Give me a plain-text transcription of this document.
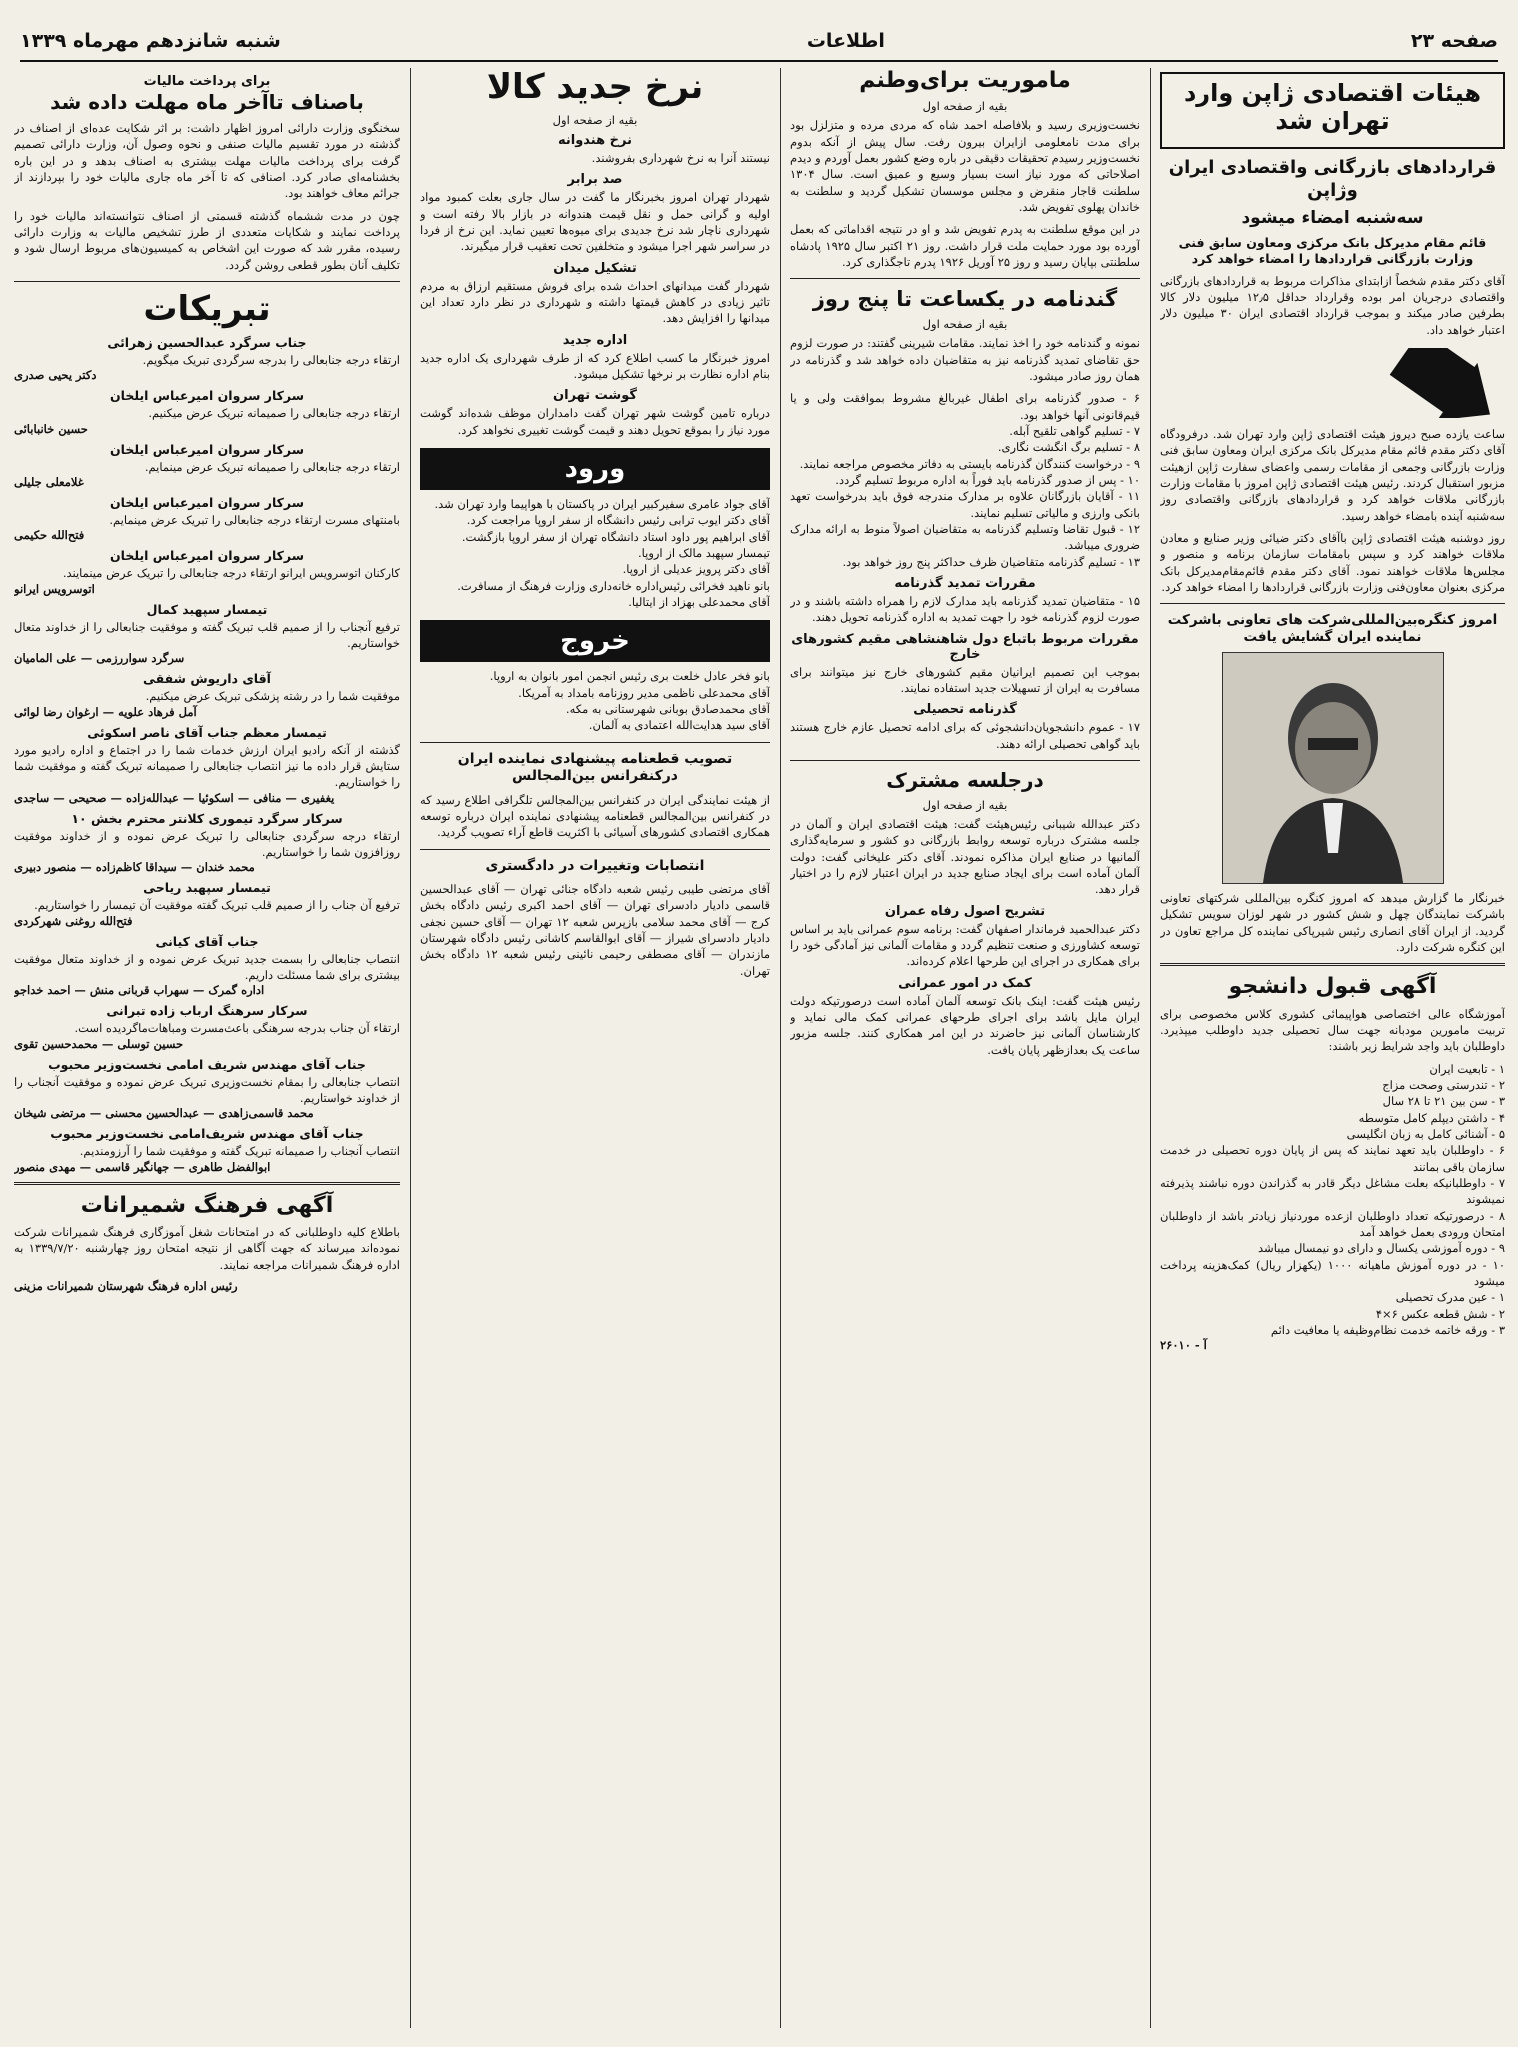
صفحه ۲۳
اطلاعات
شنبه شانزدهم مهرماه ۱۳۳۹
هیئات اقتصادی ژاپن وارد تهران شد
قراردادهای بازرگانی واقتصادی ایران وژاپن
سه‌شنبه امضاء میشود
قائم مقام مدیرکل بانک مرکزی ومعاون سابق فنی وزارت بازرگانی قراردادها را امضاء خواهد کرد

آقای دکتر مقدم شخصاً ازابتدای مذاکرات مربوط به قراردادهای بازرگانی واقتصادی درجریان امر بوده وقرارداد حداقل ۱۲٫۵ میلیون دلار کالا بطرفین صادر میکند و بموجب قرارداد اقتصادی ایران ۳۰ میلیون دلار اعتبار خواهد داد.

ساعت یازده صبح دیروز هیئت اقتصادی ژاپن وارد تهران شد. درفرودگاه آقای دکتر مقدم قائم مقام مدیرکل بانک مرکزی ایران ومعاون سابق فنی وزارت بازرگانی وجمعی از مقامات رسمی واعضای سفارت ژاپن ازهیئت مزبور استقبال کردند. رئیس هیئت اقتصادی ژاپن امروز با مقامات وزارت بازرگانی ملاقات خواهد کرد و قراردادهای بازرگانی واقتصادی روز سه‌شنبه آینده بامضاء خواهد رسید.

روز دوشنبه هیئت اقتصادی ژاپن باآقای دکتر ضیائی وزیر صنایع و معادن ملاقات خواهند کرد و سپس بامقامات سازمان برنامه و منصور و مجلس‌ها ملاقات خواهند نمود. آقای دکتر مقدم قائم‌مقام‌مدیرکل بانک مرکزی بعنوان معاون‌فنی وزارت بازرگانی قراردادها را امضاء خواهد کرد.

امروز کنگره‌بین‌المللی‌شرکت های تعاونی باشرکت نماینده ایران گشایش یافت

خبرنگار ما گزارش میدهد که امروز کنگره بین‌المللی شرکتهای تعاونی باشرکت نمایندگان چهل و شش کشور در شهر لوزان سویس تشکیل گردید. از ایران آقای انصاری رئیس شیرپاکی نماینده کل مراجع تعاون در این کنگره شرکت دارد.

آگهی قبول دانشجو

آموزشگاه عالی اختصاصی هواپیمائی کشوری کلاس مخصوصی برای تربیت مامورین مودبانه جهت سال تحصیلی جدید داوطلب میپذیرد. داوطلبان باید واجد شرایط زیر باشند:

۱ - تابعیت ایران

۲ - تندرستی وصحت مزاج

۳ - سن بین ۲۱ تا ۲۸ سال

۴ - داشتن دیپلم کامل متوسطه

۵ - آشنائی کامل به زبان انگلیسی

۶ - داوطلبان باید تعهد نمایند که پس از پایان دوره تحصیلی در خدمت سازمان باقی بمانند

۷ - داوطلبانیکه بعلت مشاغل دیگر قادر به گذراندن دوره نباشند پذیرفته نمیشوند

۸ - درصورتیکه تعداد داوطلبان ازعده موردنیاز زیادتر باشد از داوطلبان امتحان ورودی بعمل خواهد آمد

۹ - دوره آموزشی یکسال و دارای دو نیمسال میباشد

۱۰ - در دوره آموزش ماهیانه ۱۰۰۰ (یکهزار ریال) کمک‌هزینه پرداخت میشود

۱ - عین مدرک تحصیلی

۲ - شش قطعه عکس ۶×۴

۳ - ورقه خاتمه خدمت نظام‌وظیفه یا معافیت دائم

آ - ۲۶۰۱۰
ماموریت برای‌وطنم
بقیه از صفحه اول

نخست‌وزیری رسید و بلافاصله احمد شاه که مردی مرده و متزلزل بود برای مدت نامعلومی ازایران بیرون رفت. سال پیش از آنکه بدوم نخست‌وزیر رسیدم تحقیقات دقیقی در باره وضع کشور بعمل آوردم و دیدم اصلاحاتی که مورد نیاز است بسیار وسیع و عمیق است. سال ۱۳۰۴ سلطنت قاجار منقرض و مجلس موسسان تشکیل گردید و سلطنت به خاندان پهلوی تفویض شد.

در این موقع سلطنت به پدرم تفویض شد و او در نتیجه اقداماتی که بعمل آورده بود مورد حمایت ملت قرار داشت. روز ۲۱ اکتبر سال ۱۹۲۵ پادشاه سلطنتی بپایان رسید و روز ۲۵ آوریل ۱۹۲۶ پدرم تاجگذاری کرد.

گندنامه در یکساعت تا پنج روز
بقیه از صفحه اول

نمونه و گندنامه خود را اخذ نمایند. مقامات شیرینی گفتند: در صورت لزوم حق تقاضای تمدید گذرنامه نیز به متقاضیان داده خواهد شد و گذرنامه در همان روز صادر میشود.

۶ - صدور گذرنامه برای اطفال غیربالغ مشروط بموافقت ولی و یا قیم‌قانونی آنها خواهد بود.

۷ - تسلیم گواهی تلقیح آبله.

۸ - تسلیم برگ انگشت نگاری.

۹ - درخواست کنندگان گذرنامه بایستی به دفاتر مخصوص مراجعه نمایند.

۱۰ - پس از صدور گذرنامه باید فوراً به اداره مربوط تسلیم گردد.

۱۱ - آقایان بازرگانان علاوه بر مدارک مندرجه فوق باید بدرخواست تعهد بانکی وارزی و مالیاتی تسلیم نمایند.

۱۲ - قبول تقاضا وتسلیم گذرنامه به متقاضیان اصولاً منوط به ارائه مدارک ضروری میباشد.

۱۳ - تسلیم گذرنامه متقاضیان ظرف حداکثر پنج روز خواهد بود.

مقررات تمدید گذرنامه

۱۵ - متقاضیان تمدید گذرنامه باید مدارک لازم را همراه داشته باشند و در صورت لزوم گذرنامه خود را جهت تمدید به اداره گذرنامه تحویل دهند.

مقررات مربوط باتباع دول شاهنشاهی مقیم کشورهای خارج

بموجب این تصمیم ایرانیان مقیم کشورهای خارج نیز میتوانند برای مسافرت به ایران از تسهیلات جدید استفاده نمایند.

گذرنامه تحصیلی

۱۷ - عموم دانشجویان‌دانشجوئی که برای ادامه تحصیل عازم خارج هستند باید گواهی تحصیلی ارائه دهند.

درجلسه مشترک
بقیه از صفحه اول

دکتر عبدالله شیبانی رئیس‌هیئت گفت: هیئت اقتصادی ایران و آلمان در جلسه مشترک درباره توسعه روابط بازرگانی دو کشور و سرمایه‌گذاری آلمانیها در صنایع ایران مذاکره نمودند. آقای دکتر علیخانی گفت: دولت آلمان آماده است برای ایجاد صنایع جدید در ایران اعتبار لازم را در اختیار قرار دهد.

تشریح اصول رفاه عمران

دکتر عبدالحمید فرماندار اصفهان گفت: برنامه سوم عمرانی باید بر اساس توسعه کشاورزی و صنعت تنظیم گردد و مقامات آلمانی نیز آمادگی خود را برای همکاری در اجرای این طرحها اعلام کرده‌اند.

کمک در امور عمرانی

رئیس هیئت گفت: اینک بانک توسعه آلمان آماده است درصورتیکه دولت ایران مایل باشد برای اجرای طرحهای عمرانی کمک مالی نماید و کارشناسان آلمانی نیز حاضرند در این امر همکاری کنند. جلسه مزبور ساعت یک بعدازظهر پایان یافت.

نرخ جدید کالا
بقیه از صفحه اول
نرخ هندوانه

نیستند آنرا به نرخ شهرداری بفروشند.

صد برابر

شهردار تهران امروز بخبرنگار ما گفت در سال جاری بعلت کمبود مواد اولیه و گرانی حمل و نقل قیمت هندوانه در بازار بالا رفته است و شهرداری ناچار شد نرخ جدیدی برای میوه‌ها تعیین نماید. این نرخ از فردا در سراسر شهر اجرا میشود و متخلفین تحت تعقیب قرار میگیرند.

تشکیل میدان

شهردار گفت میدانهای احداث شده برای فروش مستقیم ارزاق به مردم تاثیر زیادی در کاهش قیمتها داشته و شهرداری در نظر دارد تعداد این میدانها را افزایش دهد.

اداره جدید

امروز خبرنگار ما کسب اطلاع کرد که از طرف شهرداری یک اداره جدید بنام اداره نظارت بر نرخها تشکیل میشود.

گوشت تهران

درباره تامین گوشت شهر تهران گفت دامداران موظف شده‌اند گوشت مورد نیاز را بموقع تحویل دهند و قیمت گوشت تغییری نخواهد کرد.

ورود

آقای جواد عامری سفیرکبیر ایران در پاکستان با هواپیما وارد تهران شد.

آقای دکتر ایوب ترابی رئیس دانشگاه از سفر اروپا مراجعت کرد.

آقای ابراهیم پور داود استاد دانشگاه تهران از سفر اروپا بازگشت.

تیمسار سپهبد مالک از اروپا.

آقای دکتر پرویز عدیلی از اروپا.

بانو ناهید فخرائی رئیس‌اداره خانه‌داری وزارت فرهنگ از مسافرت.

آقای محمدعلی بهزاد از ایتالیا.

خروج

بانو فخر عادل خلعت بری رئیس انجمن امور بانوان به اروپا.

آقای محمدعلی ناظمی مدیر روزنامه بامداد به آمریکا.

آقای محمدصادق بوبانی شهرستانی به مکه.

آقای سید هدایت‌الله اعتمادی به آلمان.

تصویب قطعنامه پیشنهادی نماینده ایران درکنفرانس بین‌المجالس

از هیئت نمایندگی ایران در کنفرانس بین‌المجالس تلگرافی اطلاع رسید که در کنفرانس بین‌المجالس قطعنامه پیشنهادی نماینده ایران درباره توسعه همکاری اقتصادی کشورهای آسیائی با اکثریت قاطع آراء تصویب گردید.

انتصابات وتغییرات در دادگستری

آقای مرتضی طیبی رئیس شعبه دادگاه جنائی تهران — آقای عبدالحسین قاسمی دادیار دادسرای تهران — آقای احمد اکبری رئیس دادگاه بخش کرج — آقای محمد سلامی بازپرس شعبه ۱۲ تهران — آقای حسین نجفی دادیار دادسرای شیراز — آقای ابوالقاسم کاشانی رئیس دادگاه شهرستان مازندران — آقای مصطفی رحیمی نائینی رئیس شعبه ۱۲ دادگاه بخش تهران.

برای پرداخت مالیات
باصناف تاآخر ماه مهلت داده شد

سخنگوی وزارت دارائی امروز اظهار داشت: بر اثر شکایت عده‌ای از اصناف در گذشته در مورد تقسیم مالیات صنفی و نحوه وصول آن، وزارت دارائی تصمیم گرفت برای پرداخت مالیات مهلت بیشتری به اصناف بدهد و در این باره بخشنامه‌ای صادر کرد. اصنافی که تا آخر ماه جاری مالیات خود را بپردازند از جرائم معاف خواهند بود.

چون در مدت ششماه گذشته قسمتی از اصناف نتوانسته‌اند مالیات خود را پرداخت نمایند و شکایات متعددی از طرز تشخیص مالیات به وزارت دارائی رسیده، مقرر شد که صورت این اشخاص به کمیسیون‌های مربوط ارسال شود و تکلیف آنان بطور قطعی روشن گردد.

تبریکات
جناب سرگرد عبدالحسین زهرائی

ارتقاء درجه جنابعالی را بدرجه سرگردی تبریک میگویم.

دکتر یحیی صدری
سرکار سروان امیرعباس ایلخان

ارتقاء درجه جنابعالی را صمیمانه تبریک عرض میکنیم.

حسین خانبابائی
سرکار سروان امیرعباس ایلخان

ارتقاء درجه جنابعالی را صمیمانه تبریک عرض مینمایم.

غلامعلی جلیلی
سرکار سروان امیرعباس ایلخان

بامنتهای مسرت ارتقاء درجه جنابعالی را تبریک عرض مینمایم.

فتح‌الله حکیمی
سرکار سروان امیرعباس ایلخان

کارکنان اتوسرویس ایرانو ارتقاء درجه جنابعالی را تبریک عرض مینمایند.

اتوسرویس ایرانو
تیمسار سپهبد کمال

ترفیع آنجناب را از صمیم قلب تبریک گفته و موفقیت جنابعالی را از خداوند متعال خواستاریم.

سرگرد سواررزمی — علی المامیان
آقای داریوش شفقی

موفقیت شما را در رشته پزشکی تبریک عرض میکنیم.

آمل فرهاد علویه — ارغوان رضا لوائی
تیمسار معظم جناب آقای ناصر اسکوئی

گذشته از آنکه رادیو ایران ارزش خدمات شما را در اجتماع و اداره رادیو مورد ستایش قرار داده ما نیز انتصاب جنابعالی را صمیمانه تبریک گفته و موفقیت شما را خواستاریم.

یغفیری — منافی — اسکوئیا — عبدالله‌زاده — صحیحی — ساجدی
سرکار سرگرد تیموری کلانتر محترم بخش ۱۰

ارتقاء درجه سرگردی جنابعالی را تبریک عرض نموده و از خداوند موفقیت روزافزون شما را خواستاریم.

محمد خندان — سیداقا کاظم‌زاده — منصور دبیری
تیمسار سپهبد ریاحی

ترفیع آن جناب را از صمیم قلب تبریک گفته موفقیت آن تیمسار را خواستاریم.

فتح‌الله روغنی شهرکردی
جناب آقای کیانی

انتصاب جنابعالی را بسمت جدید تبریک عرض نموده و از خداوند متعال موفقیت بیشتری برای شما مسئلت داریم.

اداره گمرک — سهراب قربانی منش — احمد خداجو
سرکار سرهنگ ارباب زاده تبرانی

ارتقاء آن جناب بدرجه سرهنگی باعث‌مسرت ومباهات‌ماگردیده است.

حسین توسلی — محمدحسین تقوی
جناب آقای مهندس شریف امامی نخست‌وزیر محبوب

انتصاب جنابعالی را بمقام نخست‌وزیری تبریک عرض نموده و موفقیت آنجناب را از خداوند خواستاریم.

محمد قاسمی‌زاهدی — عبدالحسین محسنی — مرتضی شیخان
جناب آقای مهندس شریف‌امامی نخست‌وزیر محبوب

انتصاب آنجناب را صمیمانه تبریک گفته و موفقیت شما را آرزومندیم.

ابوالفضل طاهری — جهانگیر قاسمی — مهدی منصور
آگهی فرهنگ شمیرانات

باطلاع کلیه داوطلبانی که در امتحانات شغل آموزگاری فرهنگ شمیرانات شرکت نموده‌اند میرساند که جهت آگاهی از نتیجه امتحان روز چهارشنبه ۱۳۳۹/۷/۲۰ به اداره فرهنگ شمیرانات مراجعه نمایند.

رئیس اداره فرهنگ شهرستان شمیرانات مزینی
